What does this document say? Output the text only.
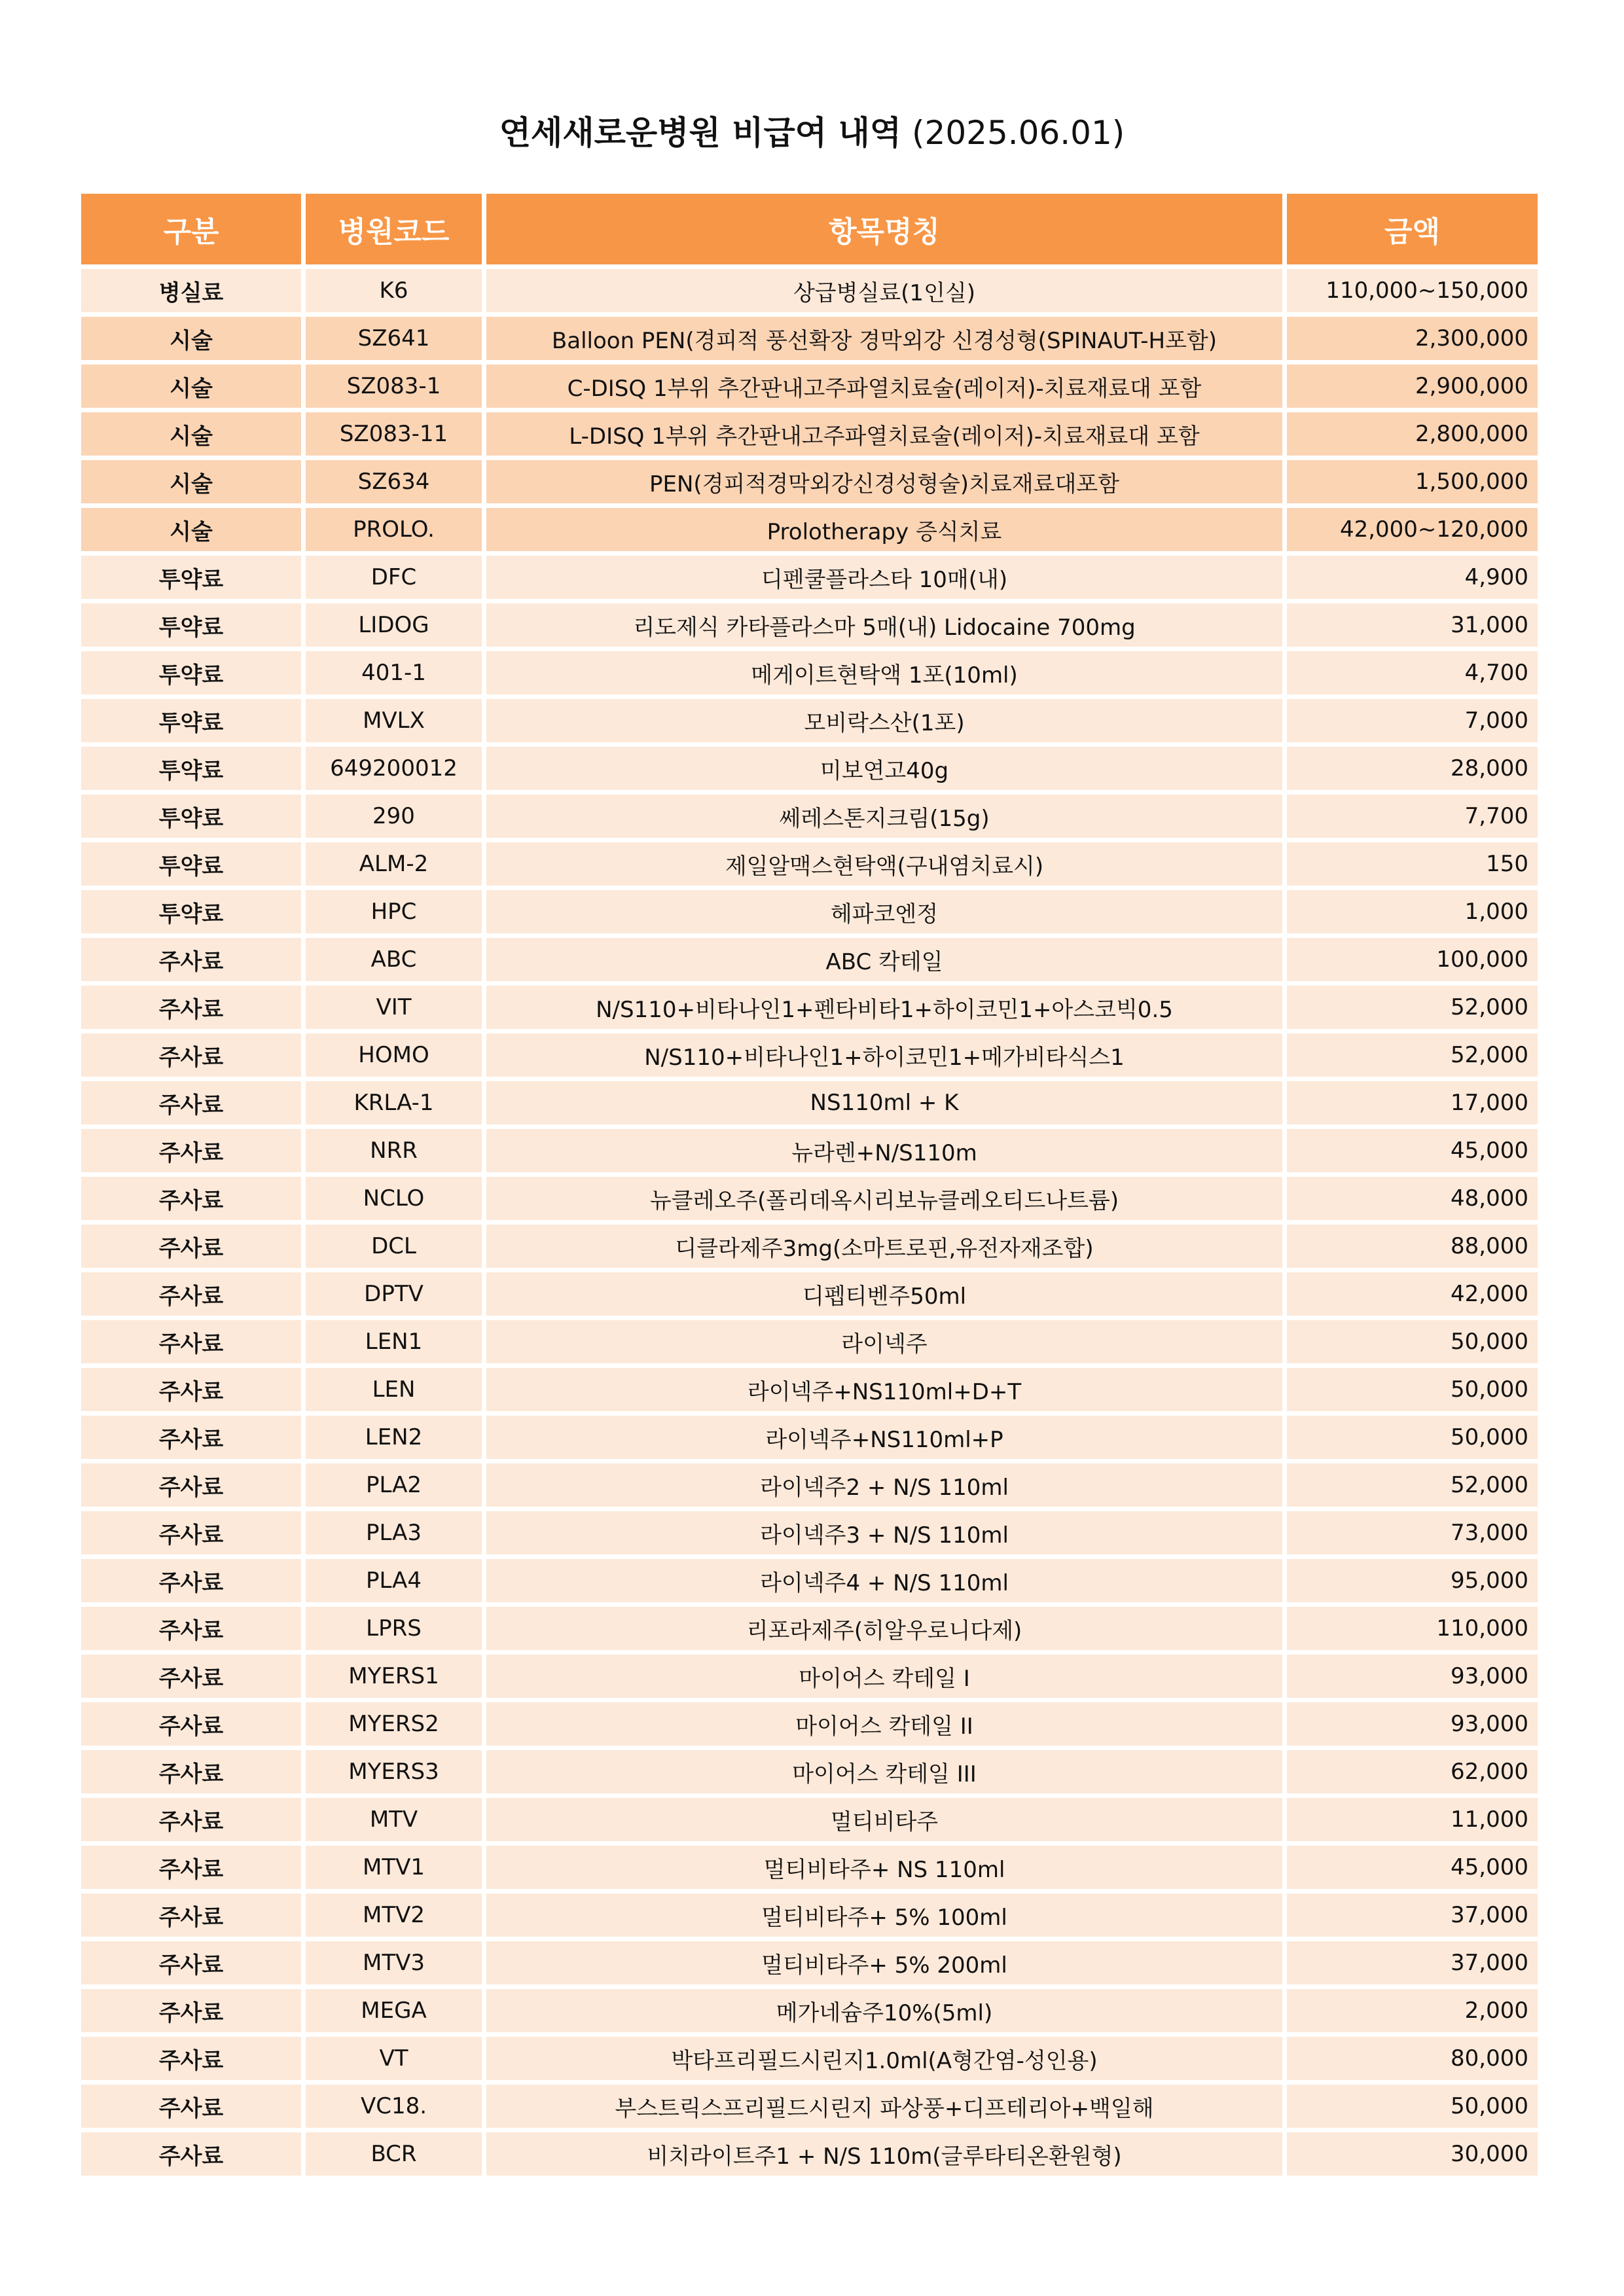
연세새로운병원 비급여 내역 (2025.06.01)
구분	병원코드	항목명칭	금액
병실료	K6	상급병실료(1인실)	110,000~150,000
시술	SZ641	Balloon PEN(경피적 풍선확장 경막외강 신경성형(SPINAUT-H포함)	2,300,000
시술	SZ083-1	C-DISQ 1부위 추간판내고주파열치료술(레이저)-치료재료대 포함	2,900,000
시술	SZ083-11	L-DISQ 1부위 추간판내고주파열치료술(레이저)-치료재료대 포함	2,800,000
시술	SZ634	PEN(경피적경막외강신경성형술)치료재료대포함	1,500,000
시술	PROLO.	Prolotherapy 증식치료	42,000~120,000
투약료	DFC	디펜쿨플라스타 10매(내)	4,900
투약료	LIDOG	리도제식 카타플라스마 5매(내) Lidocaine 700mg	31,000
투약료	401-1	메게이트현탁액 1포(10ml)	4,700
투약료	MVLX	모비락스산(1포)	7,000
투약료	649200012	미보연고40g	28,000
투약료	290	쎄레스톤지크림(15g)	7,700
투약료	ALM-2	제일알맥스현탁액(구내염치료시)	150
투약료	HPC	헤파코엔정	1,000
주사료	ABC	ABC 칵테일	100,000
주사료	VIT	N/S110+비타나인1+펜타비타1+하이코민1+아스코빅0.5	52,000
주사료	HOMO	N/S110+비타나인1+하이코민1+메가비타식스1	52,000
주사료	KRLA-1	NS110ml + K	17,000
주사료	NRR	뉴라렌+N/S110m	45,000
주사료	NCLO	뉴클레오주(폴리데옥시리보뉴클레오티드나트륨)	48,000
주사료	DCL	디클라제주3mg(소마트로핀,유전자재조합)	88,000
주사료	DPTV	디펩티벤주50ml	42,000
주사료	LEN1	라이넥주	50,000
주사료	LEN	라이넥주+NS110ml+D+T	50,000
주사료	LEN2	라이넥주+NS110ml+P	50,000
주사료	PLA2	라이넥주2 + N/S 110ml	52,000
주사료	PLA3	라이넥주3 + N/S 110ml	73,000
주사료	PLA4	라이넥주4 + N/S 110ml	95,000
주사료	LPRS	리포라제주(히알우로니다제)	110,000
주사료	MYERS1	마이어스 칵테일 I	93,000
주사료	MYERS2	마이어스 칵테일 II	93,000
주사료	MYERS3	마이어스 칵테일 III	62,000
주사료	MTV	멀티비타주	11,000
주사료	MTV1	멀티비타주+ NS 110ml	45,000
주사료	MTV2	멀티비타주+ 5% 100ml	37,000
주사료	MTV3	멀티비타주+ 5% 200ml	37,000
주사료	MEGA	메가네슘주10%(5ml)	2,000
주사료	VT	박타프리필드시린지1.0ml(A형간염-성인용)	80,000
주사료	VC18.	부스트릭스프리필드시린지 파상풍+디프테리아+백일해	50,000
주사료	BCR	비치라이트주1 + N/S 110m(글루타티온환원형)	30,000
